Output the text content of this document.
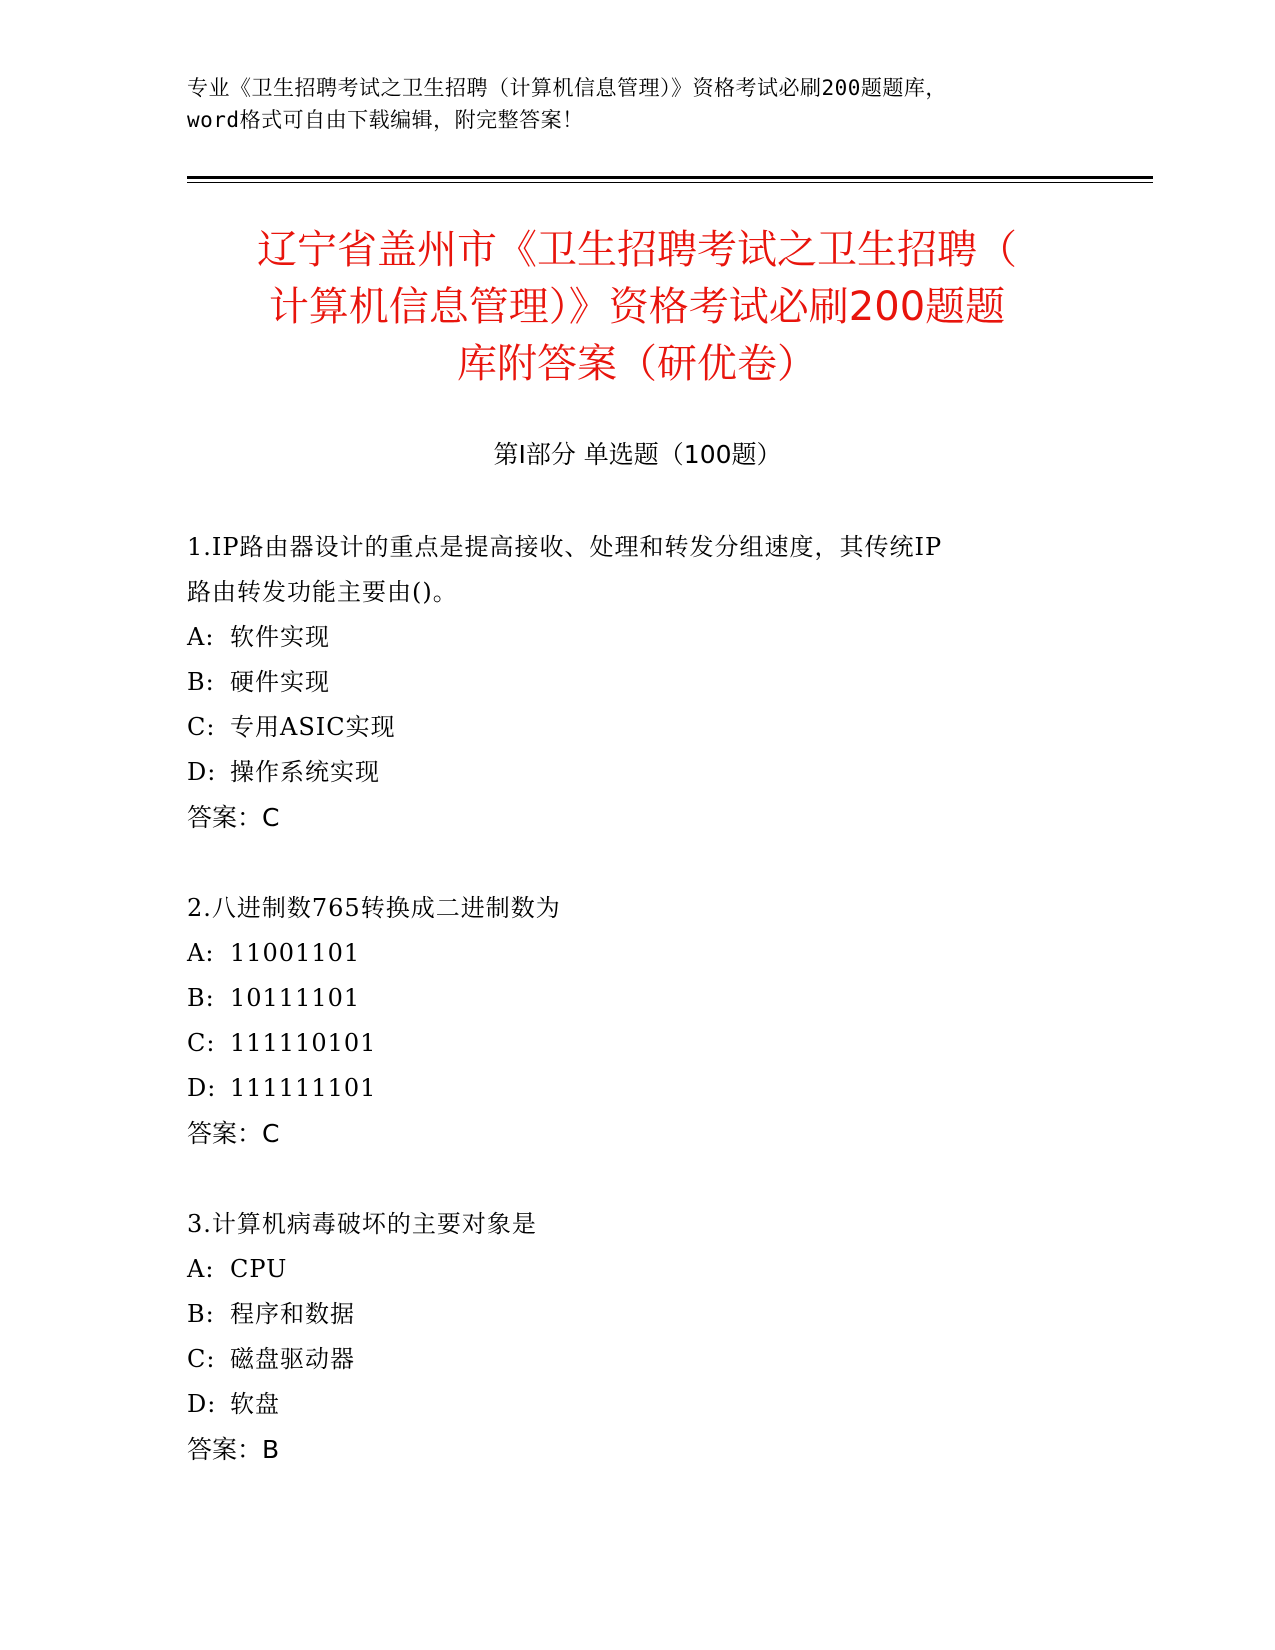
专业《卫生招聘考试之卫生招聘（计算机信息管理）》资格考试必刷200题题库，
word格式可自由下载编辑，附完整答案！
辽宁省盖州市《卫生招聘考试之卫生招聘（
计算机信息管理）》资格考试必刷200题题
库附答案（研优卷）
第Ⅰ部分 单选题（100题）

1.IP路由器设计的重点是提高接收、处理和转发分组速度，其传统IP
路由转发功能主要由()。

A: 软件实现

B: 硬件实现

C: 专用ASIC实现

D: 操作系统实现

答案：C

2.八进制数765转换成二进制数为

A: 11001101

B: 10111101

C: 111110101

D: 111111101

答案：C

3.计算机病毒破坏的主要对象是

A: CPU

B: 程序和数据

C: 磁盘驱动器

D: 软盘

答案：B
